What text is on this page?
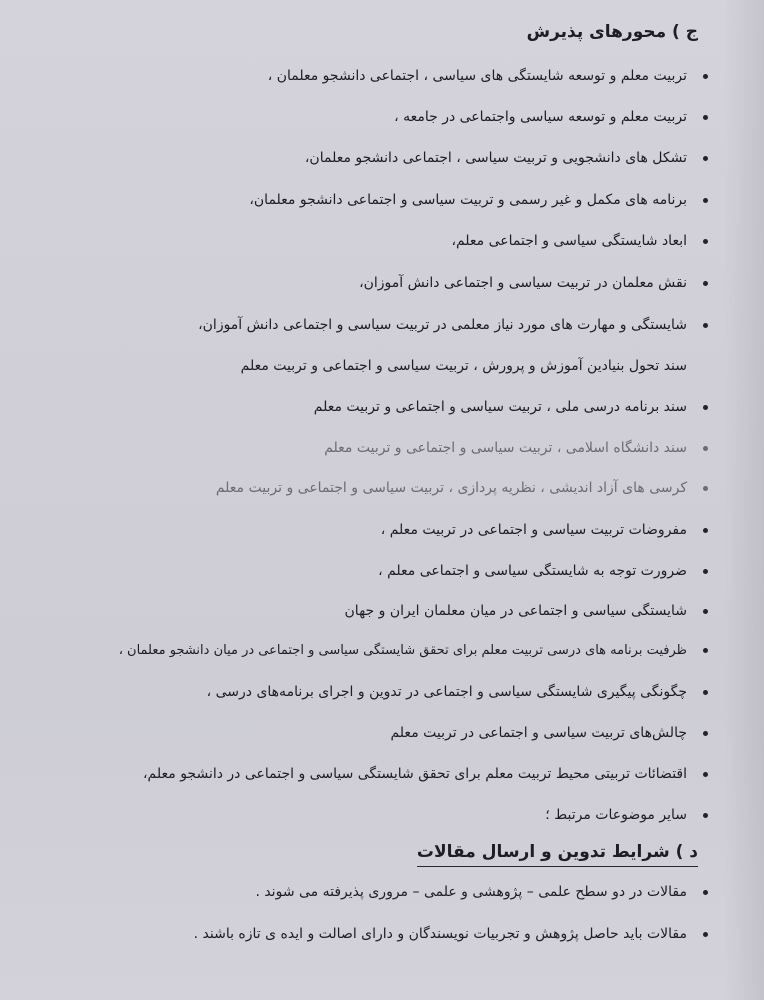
ج ) محورهای پذیرش
تربیت معلم و توسعه شایستگی های سیاسی ، اجتماعی دانشجو معلمان ،
تربیت معلم و توسعه سیاسی واجتماعی در جامعه ،
تشکل های دانشجویی و تربیت سیاسی ، اجتماعی دانشجو معلمان،
برنامه های مکمل و غیر رسمی و تربیت سیاسی و اجتماعی دانشجو معلمان،
ابعاد شایستگی سیاسی و اجتماعی معلم،
نقش معلمان در تربیت سیاسی و اجتماعی دانش آموزان،
شایستگی و مهارت های مورد نیاز معلمی در تربیت سیاسی و اجتماعی دانش آموزان،
سند تحول بنیادین آموزش و پرورش ، تربیت سیاسی و اجتماعی و تربیت معلم
سند برنامه درسی ملی ، تربیت سیاسی و اجتماعی و تربیت معلم
سند دانشگاه اسلامی ، تربیت سیاسی و اجتماعی و تربیت معلم
کرسی های آزاد اندیشی ، نظریه پردازی ، تربیت سیاسی و اجتماعی و تربیت معلم
مفروضات تربیت سیاسی و اجتماعی در تربیت معلم ،
ضرورت توجه به شایستگی سیاسی و اجتماعی معلم ،
شایستگی سیاسی و اجتماعی در میان معلمان ایران و جهان
ظرفیت برنامه های درسی تربیت معلم برای تحقق شایستگی سیاسی و اجتماعی در میان دانشجو معلمان ،
چگونگی پیگیری شایستگی سیاسی و اجتماعی در تدوین و اجرای برنامه‌های درسی ،
چالش‌های تربیت سیاسی و اجتماعی در تربیت معلم
اقتضائات تربیتی محیط تربیت معلم برای تحقق شایستگی سیاسی و اجتماعی در دانشجو معلم،
سایر موضوعات مرتبط ؛
د ) شرایط تدوین و ارسال مقالات
مقالات در دو سطح علمی – پژوهشی و علمی – مروری پذیرفته می شوند .
مقالات باید حاصل پژوهش و تجربیات نویسندگان و دارای اصالت و ایده ی تازه باشند .
